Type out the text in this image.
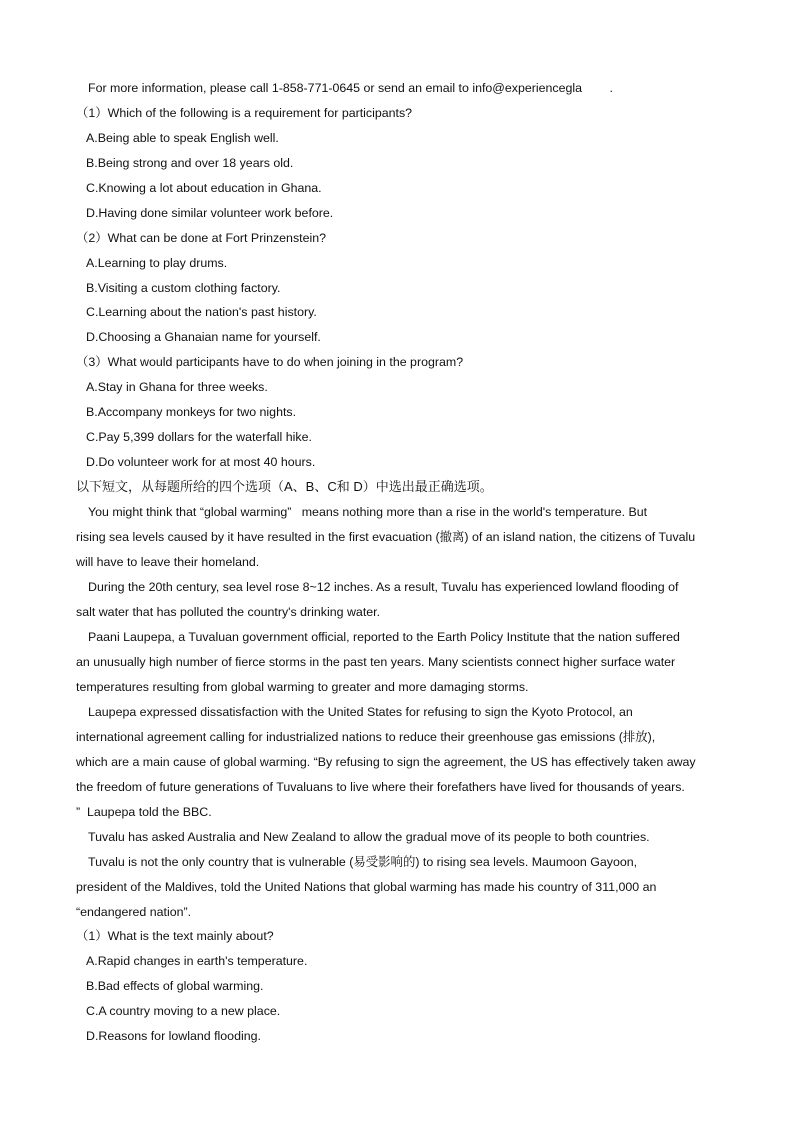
For more information, please call 1-858-771-0645 or send an email to info@experiencegla        .
（1）Which of the following is a requirement for participants?
A.Being able to speak English well.
B.Being strong and over 18 years old.
C.Knowing a lot about education in Ghana.
D.Having done similar volunteer work before.
（2）What can be done at Fort Prinzenstein?
A.Learning to play drums.
B.Visiting a custom clothing factory.
C.Learning about the nation's past history.
D.Choosing a Ghanaian name for yourself.
（3）What would participants have to do when joining in the program?
A.Stay in Ghana for three weeks.
B.Accompany monkeys for two nights.
C.Pay 5,399 dollars for the waterfall hike.
D.Do volunteer work for at most 40 hours.
以下短文，从每题所给的四个选项（A、B、C和 D）中选出最正确选项。
You might think that “global warming”   means nothing more than a rise in the world's temperature. But
rising sea levels caused by it have resulted in the first evacuation (撤离) of an island nation, the citizens of Tuvalu
will have to leave their homeland.
During the 20th century, sea level rose 8~12 inches. As a result, Tuvalu has experienced lowland flooding of
salt water that has polluted the country's drinking water.
Paani Laupepa, a Tuvaluan government official, reported to the Earth Policy Institute that the nation suffered
an unusually high number of fierce storms in the past ten years. Many scientists connect higher surface water
temperatures resulting from global warming to greater and more damaging storms.
Laupepa expressed dissatisfaction with the United States for refusing to sign the Kyoto Protocol, an
international agreement calling for industrialized nations to reduce their greenhouse gas emissions (排放),
which are a main cause of global warming. “By refusing to sign the agreement, the US has effectively taken away
the freedom of future generations of Tuvaluans to live where their forefathers have lived for thousands of years.
”  Laupepa told the BBC.
Tuvalu has asked Australia and New Zealand to allow the gradual move of its people to both countries.
Tuvalu is not the only country that is vulnerable (易受影响的) to rising sea levels. Maumoon Gayoon,
president of the Maldives, told the United Nations that global warming has made his country of 311,000 an
“endangered nation”.
（1）What is the text mainly about?
A.Rapid changes in earth's temperature.
B.Bad effects of global warming.
C.A country moving to a new place.
D.Reasons for lowland flooding.
